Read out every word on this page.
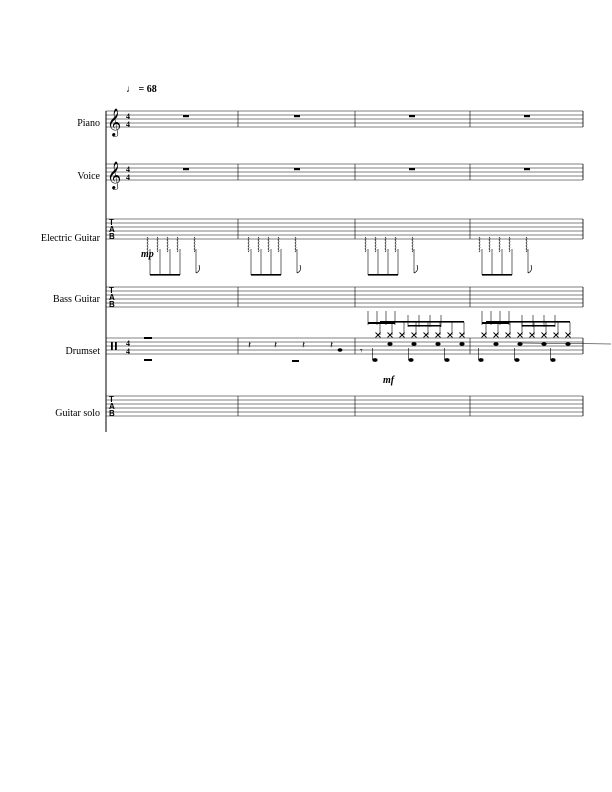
♩ = 68
Piano
Voice
Electric Guitar
Bass Guitar
Drumset
Guitar solo
mp
mf
𝄞 4
4
𝄞 4
4
T
A
B
T
A
B
4
4
T
A
B
𝄽 𝄽 𝄽 𝄽
𝄾
